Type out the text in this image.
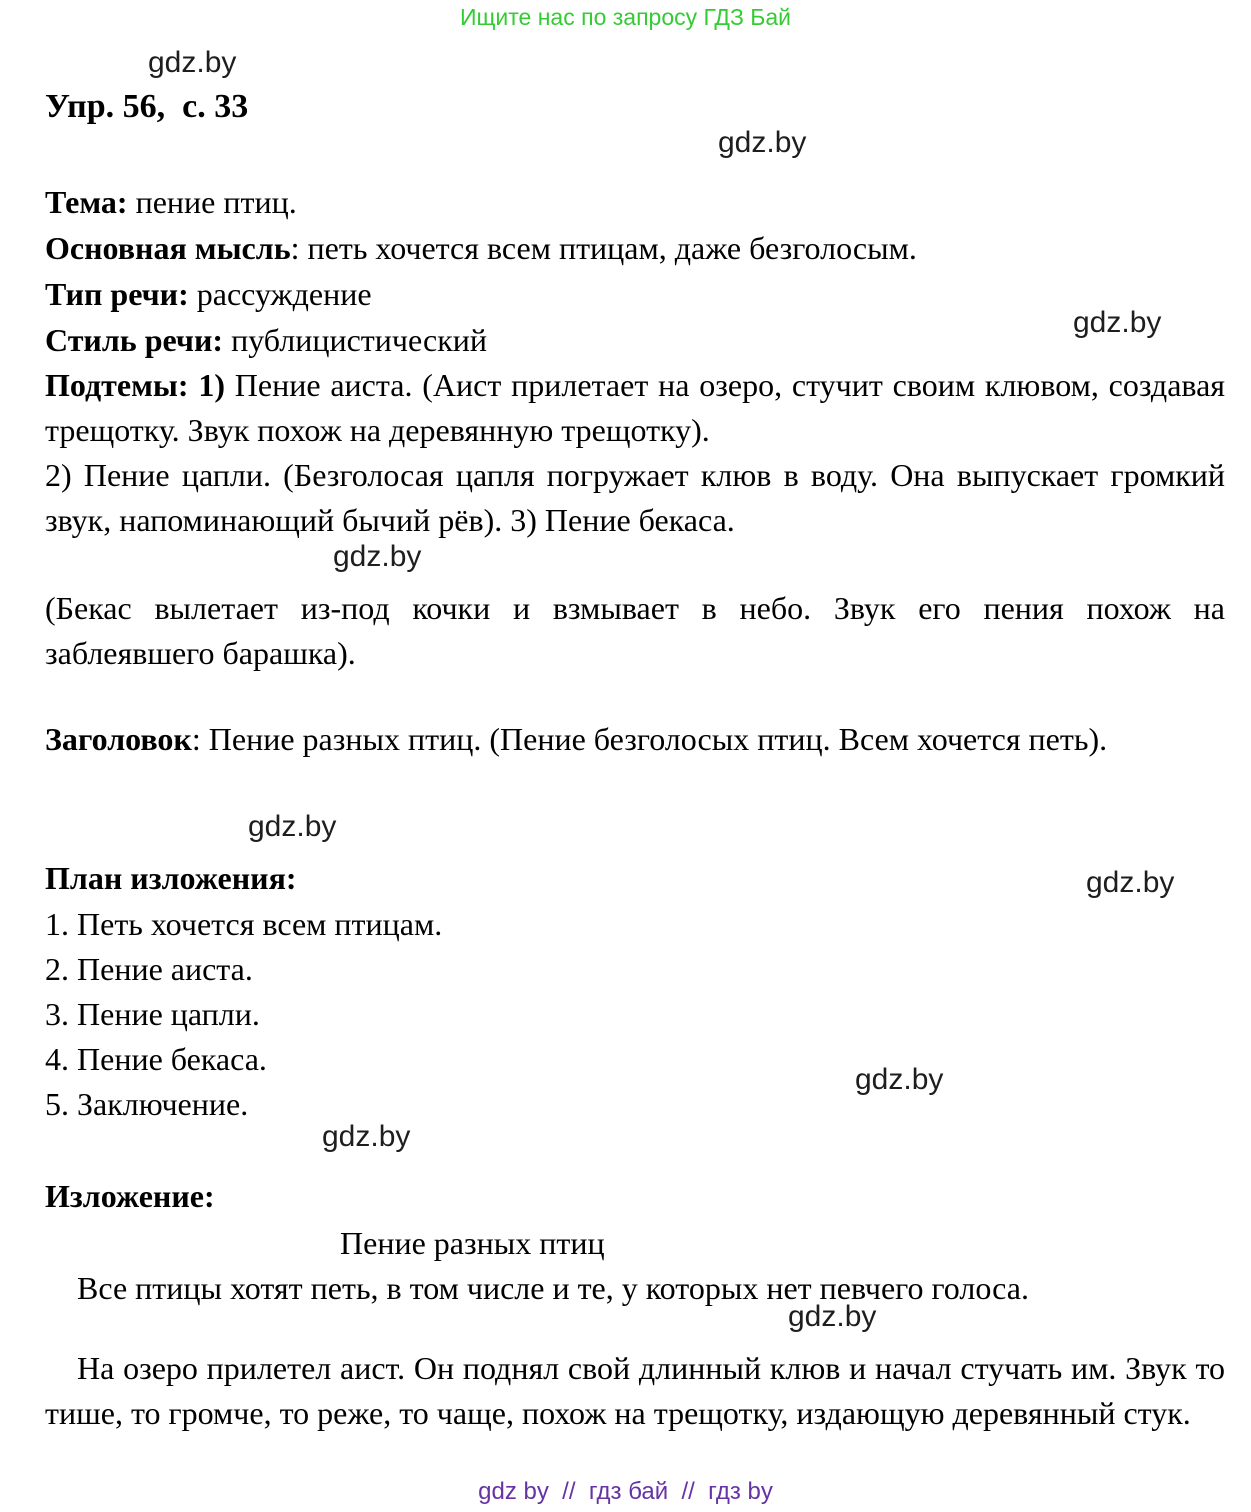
Ищите нас по запросу ГДЗ Бай
gdz.by
gdz.by
gdz.by
gdz.by
gdz.by
gdz.by
gdz.by
gdz.by
gdz.by
Упр. 56,  с. 33
Тема: пение птиц.
Основная мысль: петь хочется всем птицам, даже безголосым.
Тип речи: рассуждение
Стиль речи: публицистический
Подтемы: 1) Пение аиста. (Аист прилетает на озеро, стучит своим клювом, создавая трещотку. Звук похож на деревянную трещотку).
2) Пение цапли. (Безголосая цапля погружает клюв в воду. Она выпускает громкий звук, напоминающий бычий рёв). 3) Пение бекаса.
(Бекас вылетает из-под кочки и взмывает в небо. Звук его пения похож на заблеявшего барашка).
Заголовок: Пение разных птиц. (Пение безголосых птиц. Всем хочется петь).
План изложения:
1. Петь хочется всем птицам.
2. Пение аиста.
3. Пение цапли.
4. Пение бекаса.
5. Заключение.
Изложение:
Пение разных птиц
Все птицы хотят петь, в том числе и те, у которых нет певчего голоса.
На озеро прилетел аист. Он поднял свой длинный клюв и начал стучать им. Звук то тише, то громче, то реже, то чаще, похож на трещотку, издающую деревянный стук.
gdz by  //  гдз бай  //  гдз by
